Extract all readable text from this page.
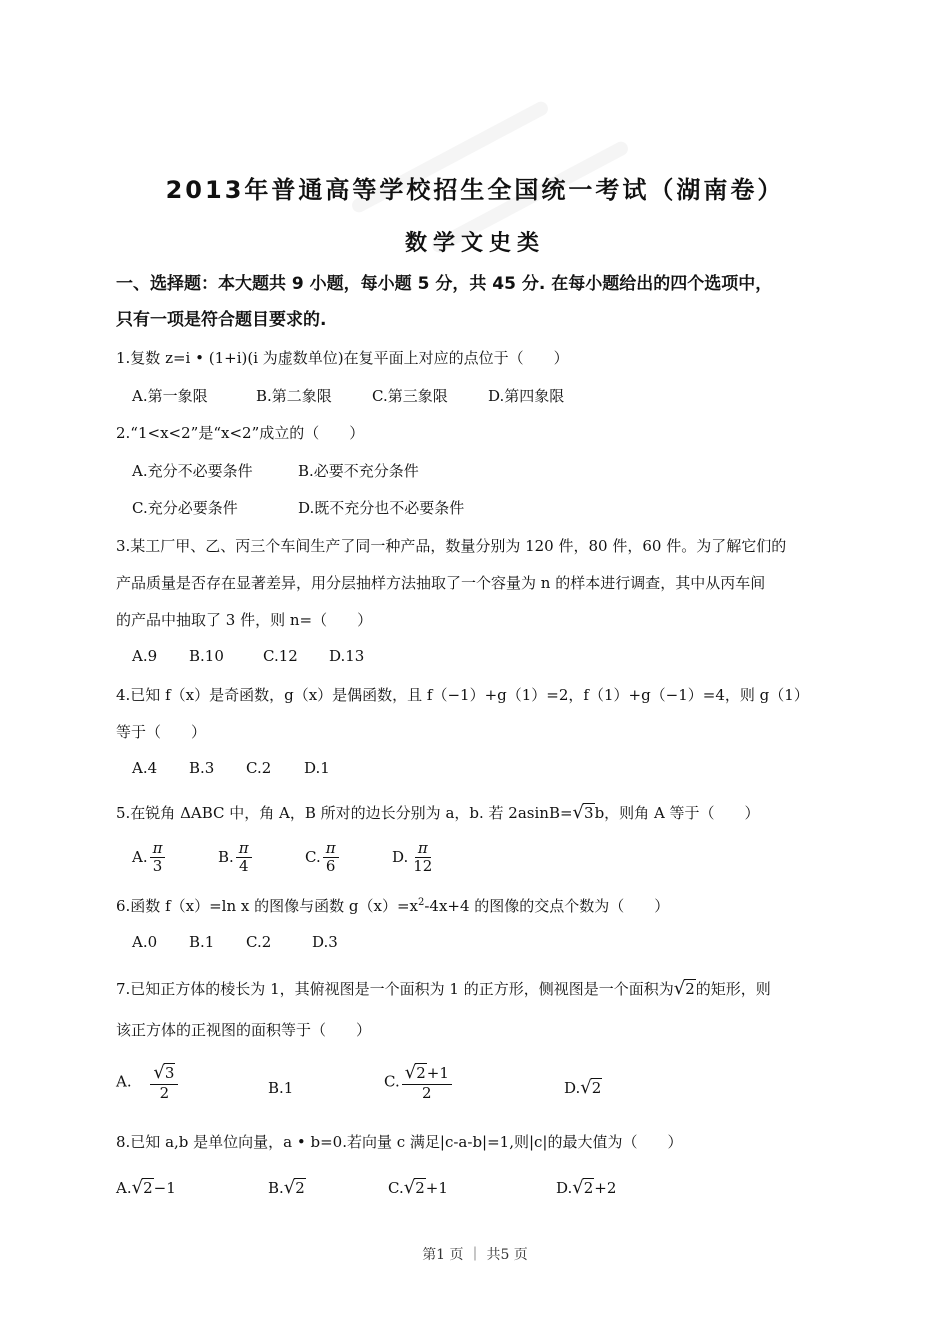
2013年普通高等学校招生全国统一考试（湖南卷）
数学文史类
一、选择题：本大题共 9 小题，每小题 5 分，共 45 分. 在每小题给出的四个选项中，
只有一项是符合题目要求的.
1.复数 z=i • (1+i)(i 为虚数单位)在复平面上对应的点位于（　　）
A.第一象限	B.第二象限	C.第三象限	D.第四象限
2.“1<x<2”是“x<2”成立的（　　）
A.充分不必要条件	B.必要不充分条件
C.充分必要条件	D.既不充分也不必要条件
3.某工厂甲、乙、丙三个车间生产了同一种产品，数量分别为 120 件，80 件，60 件。为了解它们的
产品质量是否存在显著差异，用分层抽样方法抽取了一个容量为 n 的样本进行调查，其中从丙车间
的产品中抽取了 3 件，则 n=（　　）
A.9 B.10	C.12 D.13
4.已知 f（x）是奇函数，g（x）是偶函数，且 f（−1）+g（1）=2，f（1）+g（−1）=4，则 g（1）
等于（　　）
A.4 B.3 C.2 D.1
5.在锐角 ΔABC 中，角 A，B 所对的边长分别为 a，b. 若 2asinB=√3b，则角 A 等于（　　）
A. $\frac{\pi}{3}$	B. $\frac{\pi}{4}$	C. $\frac{\pi}{6}$	D. $\frac{\pi}{12}$
6.函数 f（x）=ln x 的图像与函数 $g(x)=x^2-4x+4$ 的图像的交点个数为（　　）
A.0 B.1 C.2	D.3
7.已知正方体的棱长为 1，其俯视图是一个面积为 1 的正方形，侧视图是一个面积为√2的矩形，则
该正方体的正视图的面积等于（　　）
A. $\frac{√3}{2}$	B.1	C. $\frac{√2+1}{2}$	D.√2
8.已知 a,b 是单位向量，a • b=0.若向量 c 满足|c-a-b|=1,则|c|的最大值为（　　）
A.√2−1	B.√2	C.√2+1	D.√2+2
第1 页 ｜ 共5 页
